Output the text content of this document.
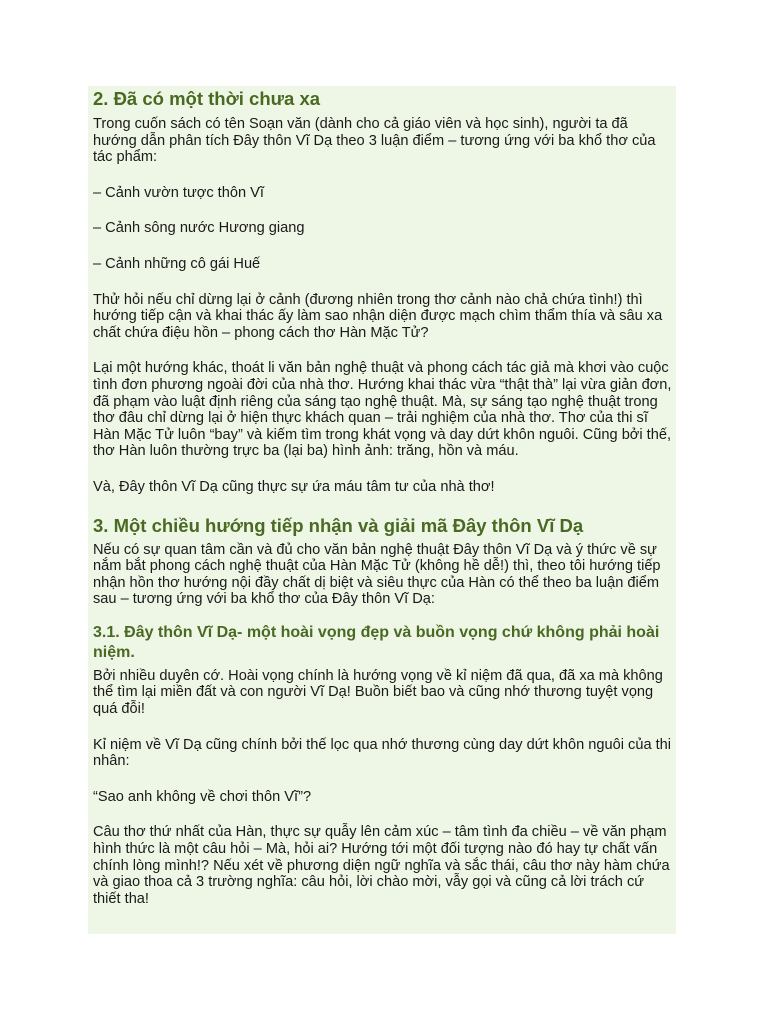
2. Đã có một thời chưa xa

Trong cuốn sách có tên Soạn văn (dành cho cả giáo viên và học sinh), người ta đã hướng dẫn phân tích Đây thôn Vĩ Dạ theo 3 luận điểm – tương ứng với ba khổ thơ của tác phẩm:

– Cảnh vườn tược thôn Vĩ

– Cảnh sông nước Hương giang

– Cảnh những cô gái Huế

Thử hỏi nếu chỉ dừng lại ở cảnh (đương nhiên trong thơ cảnh nào chả chứa tình!) thì hướng tiếp cận và khai thác ấy làm sao nhận diện được mạch chìm thẩm thía và sâu xa chất chứa điệu hồn – phong cách thơ Hàn Mặc Tử?

Lại một hướng khác, thoát li văn bản nghệ thuật và phong cách tác giả mà khơi vào cuộc tình đơn phương ngoài đời của nhà thơ. Hướng khai thác vừa “thật thà” lại vừa giản đơn, đã phạm vào luật định riêng của sáng tạo nghệ thuật. Mà, sự sáng tạo nghệ thuật trong thơ đâu chỉ dừng lại ở hiện thực khách quan – trải nghiệm của nhà thơ. Thơ của thi sĩ Hàn Mặc Tử luôn “bay” và kiếm tìm trong khát vọng và day dứt khôn nguôi. Cũng bởi thế, thơ Hàn luôn thường trực ba (lại ba) hình ảnh: trăng, hồn và máu.

Và, Đây thôn Vĩ Dạ cũng thực sự ứa máu tâm tư của nhà thơ!

3. Một chiều hướng tiếp nhận và giải mã Đây thôn Vĩ Dạ

Nếu có sự quan tâm cần và đủ cho văn bản nghệ thuật Đây thôn Vĩ Dạ và ý thức về sự nắm bắt phong cách nghệ thuật của Hàn Mặc Tử (không hề dễ!) thì, theo tôi hướng tiếp nhận hồn thơ hướng nội đầy chất dị biệt và siêu thực của Hàn có thể theo ba luận điểm sau – tương ứng với ba khổ thơ của Đây thôn Vĩ Dạ:

3.1. Đây thôn Vĩ Dạ- một hoài vọng đẹp và buồn vọng chứ không phải hoài niệm.

Bởi nhiều duyên cớ. Hoài vọng chính là hướng vọng về kỉ niệm đã qua, đã xa mà không thể tìm lại miền đất và con người Vĩ Dạ! Buồn biết bao và cũng nhớ thương tuyệt vọng quá đỗi!

Kỉ niệm về Vĩ Dạ cũng chính bởi thế lọc qua nhớ thương cùng day dứt khôn nguôi của thi nhân:

“Sao anh không về chơi thôn Vĩ”?

Câu thơ thứ nhất của Hàn, thực sự quẫy lên cảm xúc – tâm tình đa chiều – về văn phạm hình thức là một câu hỏi – Mà, hỏi ai? Hướng tới một đối tượng nào đó hay tự chất vấn chính lòng mình!? Nếu xét về phương diện ngữ nghĩa và sắc thái, câu thơ này hàm chứa và giao thoa cả 3 trường nghĩa: câu hỏi, lời chào mời, vẫy gọi và cũng cả lời trách cứ thiết tha!
